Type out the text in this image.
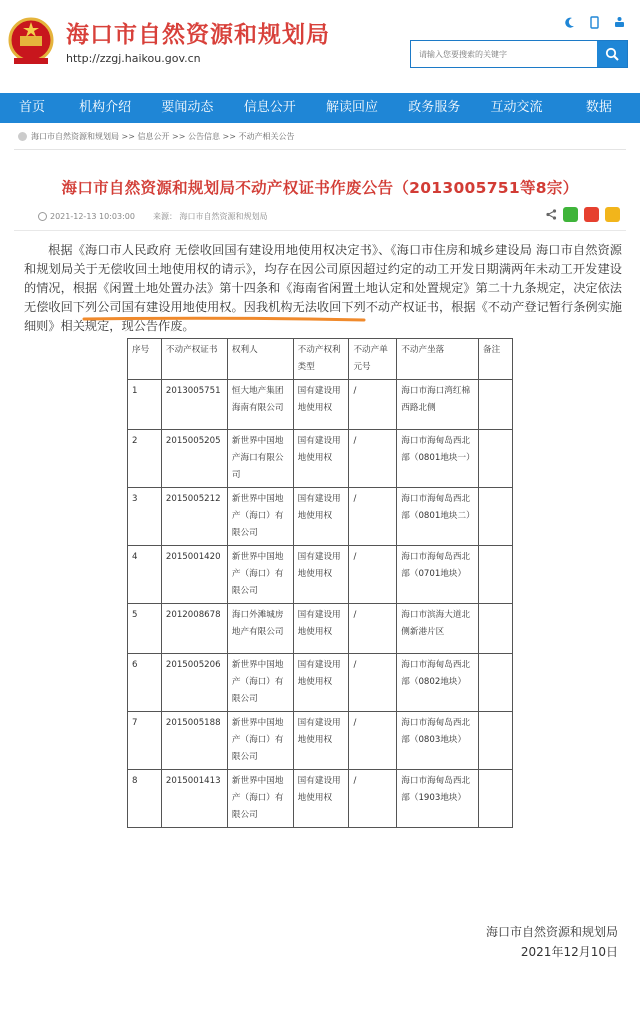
海口市自然资源和规划局
http://zzgj.haikou.gov.cn
请输入您要搜索的关键字
首页	机构介绍	要闻动态	信息公开	解读回应	政务服务	互动交流	数据
海口市自然资源和规划局 >> 信息公开 >> 公告信息 >> 不动产相关公告
海口市自然资源和规划局不动产权证书作废公告（2013005751等8宗）
2021-12-13 10:03:00 来源： 海口市自然资源和规划局
根据《海口市人民政府 无偿收回国有建设用地使用权决定书》、《海口市住房和城乡建设局 海口市自然资源和规划局关于无偿收回土地使用权的请示》，均存在因公司原因超过约定的动工开发日期满两年未动工开发建设的情况，根据《闲置土地处置办法》第十四条和《海南省闲置土地认定和处置规定》第二十九条规定，决定依法无偿收回下列公司国有建设用地使用权。因我机构无法收回下列不动产权证书，根据《不动产登记暂行条例实施细则》相关规定，现公告作废。
序号	不动产权证书	权利人	不动产权利类型	不动产单元号	不动产坐落	备注
1	2013005751	恒大地产集团海南有限公司	国有建设用地使用权	/	海口市海口湾红棉西路北侧	
2	2015005205	新世界中国地产海口有限公司	国有建设用地使用权	/	海口市海甸岛西北部（0801地块一）	
3	2015005212	新世界中国地产（海口）有限公司	国有建设用地使用权	/	海口市海甸岛西北部（0801地块二）	
4	2015001420	新世界中国地产（海口）有限公司	国有建设用地使用权	/	海口市海甸岛西北部（0701地块）	
5	2012008678	海口外滩城房地产有限公司	国有建设用地使用权	/	海口市滨海大道北侧新港片区	
6	2015005206	新世界中国地产（海口）有限公司	国有建设用地使用权	/	海口市海甸岛西北部（0802地块）	
7	2015005188	新世界中国地产（海口）有限公司	国有建设用地使用权	/	海口市海甸岛西北部（0803地块）	
8	2015001413	新世界中国地产（海口）有限公司	国有建设用地使用权	/	海口市海甸岛西北部（1903地块）	
海口市自然资源和规划局
2021年12月10日
